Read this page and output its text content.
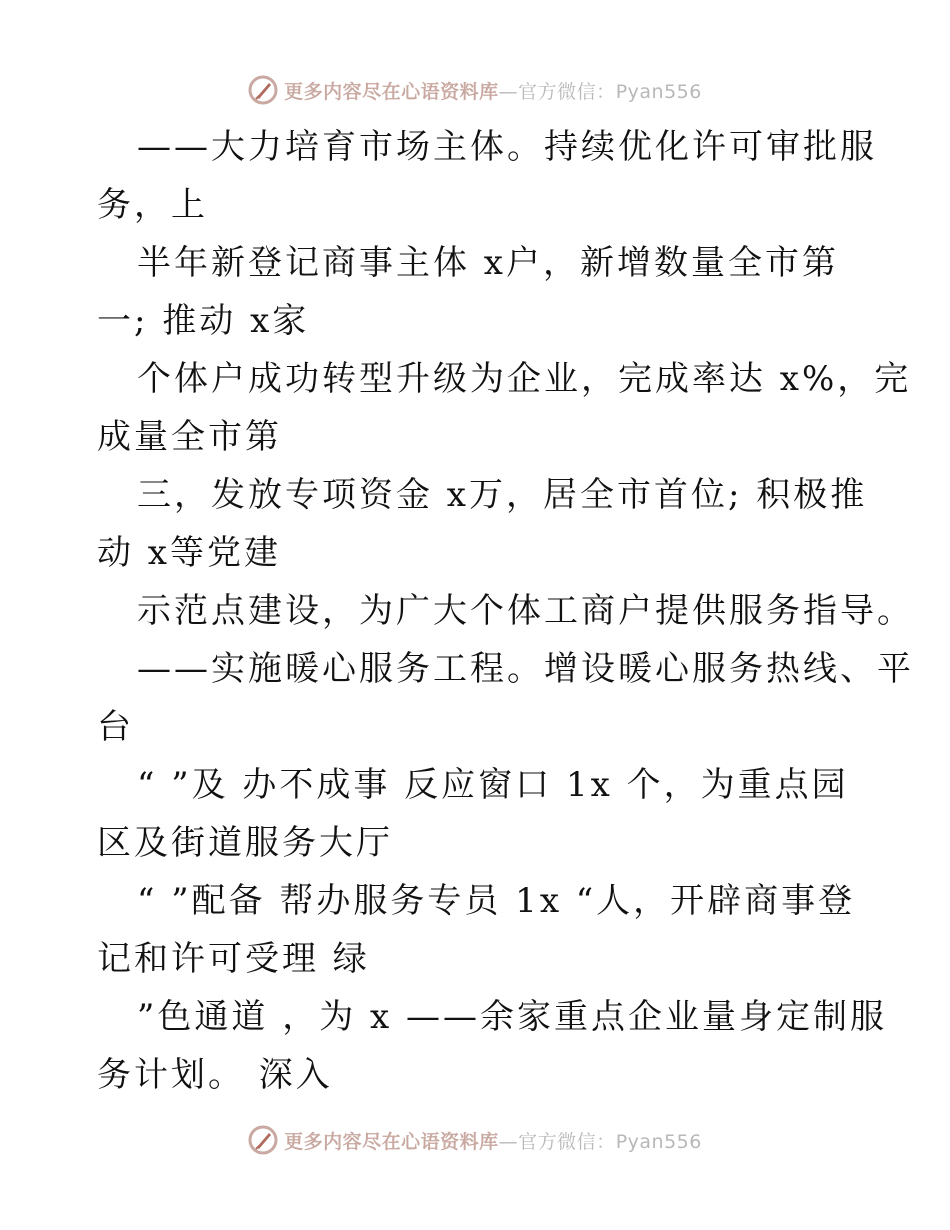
更多内容尽在心语资料库—官方微信：Pyan556
——大力培育市场主体。持续优化许可审批服
务，上
半年新登记商事主体 x户，新增数量全市第
一; 推动 x家
个体户成功转型升级为企业，完成率达 x%，完
成量全市第
三，发放专项资金 x万，居全市首位; 积极推
动 x等党建
示范点建设，为广大个体工商户提供服务指导。
——实施暖心服务工程。增设暖心服务热线、平
台
“ ”及 办不成事 反应窗口 1x 个，为重点园
区及街道服务大厅
“ ”配备 帮办服务专员 1x “人，开辟商事登
记和许可受理 绿
”色通道 ，为 x ——余家重点企业量身定制服
务计划。 深入
更多内容尽在心语资料库—官方微信：Pyan556
